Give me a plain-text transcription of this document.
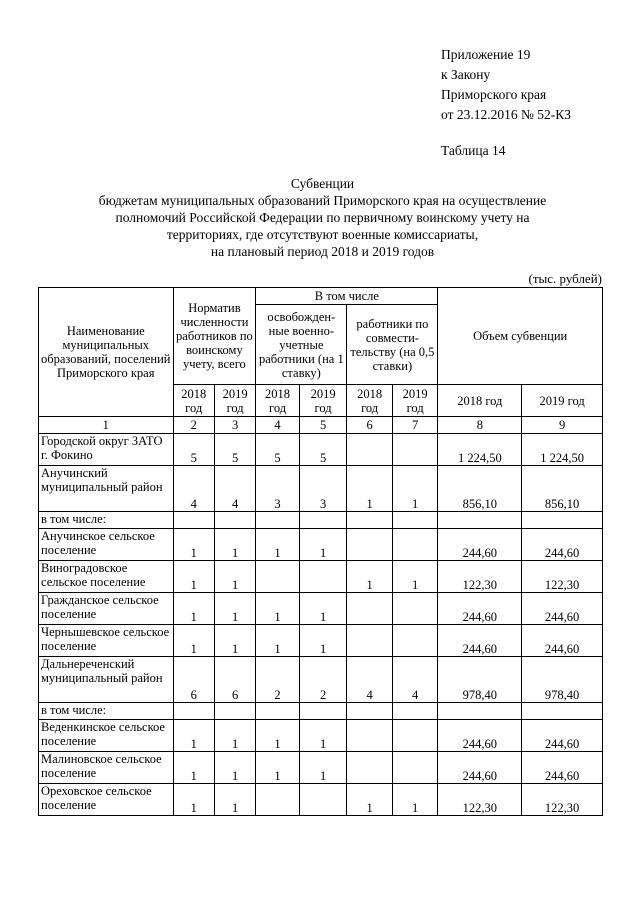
Приложение 19
к Закону
Приморского края
от 23.12.2016 № 52-КЗ
Таблица 14
Субвенции
бюджетам муниципальных образований Приморского края на осуществление
полномочий Российской Федерации по первичному воинскому учету на
территориях, где отсутствуют военные комиссариаты,
на плановый период 2018 и 2019 годов
(тыс. рублей)
Наименование муниципальных образований, поселений Приморского края	Норматив численности работников по воинскому учету, всего		В том числе				Объем субвенции	
			освобожден-ные военно-учетные работники (на 1 ставку)		работники по совмести-тельству (на 0,5 ставки)			
	2018 год	2019 год	2018 год	2019 год	2018 год	2019 год	2018 год	2019 год
1	2	3	4	5	6	7	8	9
Городской округ ЗАТО г. Фокино	5	5	5	5			1 224,50	1 224,50
Анучинский муниципальный район	4	4	3	3	1	1	856,10	856,10
в том числе:								
Анучинское сельское поселение	1	1	1	1			244,60	244,60
Виноградовское сельское поселение	1	1			1	1	122,30	122,30
Гражданское сельское поселение	1	1	1	1			244,60	244,60
Чернышевское сельское поселение	1	1	1	1			244,60	244,60
Дальнереченский муниципальный район	6	6	2	2	4	4	978,40	978,40
в том числе:								
Веденкинское сельское поселение	1	1	1	1			244,60	244,60
Малиновское сельское поселение	1	1	1	1			244,60	244,60
Ореховское сельское поселение	1	1			1	1	122,30	122,30
